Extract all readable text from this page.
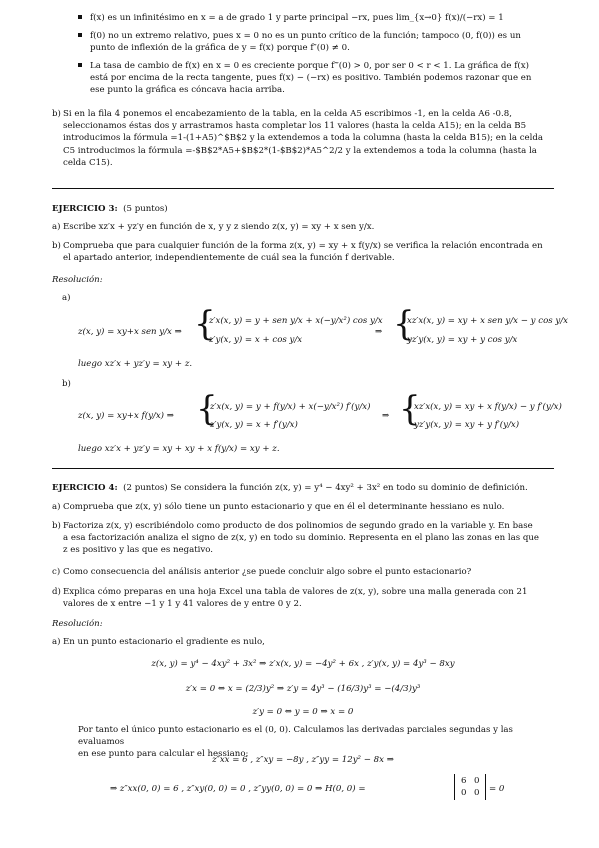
f(x) es un infinitésimo en x = a de grado 1 y parte principal −rx, pues lim_{x→0} f(x)/(−rx) = 1

f(0) no un extremo relativo, pues x = 0 no es un punto crítico de la función; tampoco (0, f(0)) es un

punto de inflexión de la gráfica de y = f(x) porque f″(0) ≠ 0.

La tasa de cambio de f(x) en x = 0 es creciente porque f‴(0) > 0, por ser 0 < r < 1. La gráfica de f(x)

está por encima de la recta tangente, pues f(x) − (−rx) es positivo. También podemos razonar que en

ese punto la gráfica es cóncava hacia arriba.

b) Si en la fila 4 ponemos el encabezamiento de la tabla, en la celda A5 escribimos -1, en la celda A6 -0.8,

seleccionamos éstas dos y arrastramos hasta completar los 11 valores (hasta la celda A15); en la celda B5

introducimos la fórmula =1-(1+A5)^$B$2 y la extendemos a toda la columna (hasta la celda B15); en la celda

C5 introducimos la fórmula =-$B$2*A5+$B$2*(1-$B$2)*A5^2/2 y la extendemos a toda la columna (hasta la

celda C15).

EJERCICIO 3: (5 puntos)
a) Escribe xz′x + yz′y en función de x, y y z siendo z(x, y) = xy + x sen y/x.

b) Comprueba que para cualquier función de la forma z(x, y) = xy + x f(y/x) se verifica la relación encontrada en

el apartado anterior, independientemente de cuál sea la función f derivable.

Resolución:
a)
z(x, y) = xy+x sen y/x ⇒ {
z′x(x, y) = y + sen y/x + x(−y/x²) cos y/x
z′y(x, y) = x + cos y/x
⇒ {
xz′x(x, y) = xy + x sen y/x − y cos y/x
yz′y(x, y) = xy + y cos y/x
luego xz′x + yz′y = xy + z.
b)
z(x, y) = xy+x f(y/x) ⇒ {
z′x(x, y) = y + f(y/x) + x(−y/x²) f′(y/x)
z′y(x, y) = x + f′(y/x)
⇒ {
xz′x(x, y) = xy + x f(y/x) − y f′(y/x)
yz′y(x, y) = xy + y f′(y/x)
luego xz′x + yz′y = xy + xy + x f(y/x) = xy + z.
EJERCICIO 4: (2 puntos) Se considera la función z(x, y) = y⁴ − 4xy² + 3x² en todo su dominio de definición.
a) Comprueba que z(x, y) sólo tiene un punto estacionario y que en él el determinante hessiano es nulo.

b) Factoriza z(x, y) escribiéndolo como producto de dos polinomios de segundo grado en la variable y. En base

a esa factorización analiza el signo de z(x, y) en todo su dominio. Representa en el plano las zonas en las que

z es positivo y las que es negativo.

c) Como consecuencia del análisis anterior ¿se puede concluir algo sobre el punto estacionario?

d) Explica cómo preparas en una hoja Excel una tabla de valores de z(x, y), sobre una malla generada con 21

valores de x entre −1 y 1 y 41 valores de y entre 0 y 2.

Resolución:
a) En un punto estacionario el gradiente es nulo,

z(x, y) = y⁴ − 4xy² + 3x² ⇒ z′x(x, y) = −4y² + 6x , z′y(x, y) = 4y³ − 8xy
z′x = 0 ⇔ x = (2/3)y² ⇒ z′y = 4y³ − (16/3)y³ = −(4/3)y³
z′y = 0 ⇔ y = 0 ⇒ x = 0

Por tanto el único punto estacionario es el (0, 0). Calculamos las derivadas parciales segundas y las evaluamos

en ese punto para calcular el hessiano:

z″xx = 6 , z″xy = −8y , z″yy = 12y² − 8x ⇒
⇒ z″xx(0, 0) = 6 , z″xy(0, 0) = 0 , z″yy(0, 0) = 0 ⇒ H(0, 0) =
6 0
0 0 = 0
